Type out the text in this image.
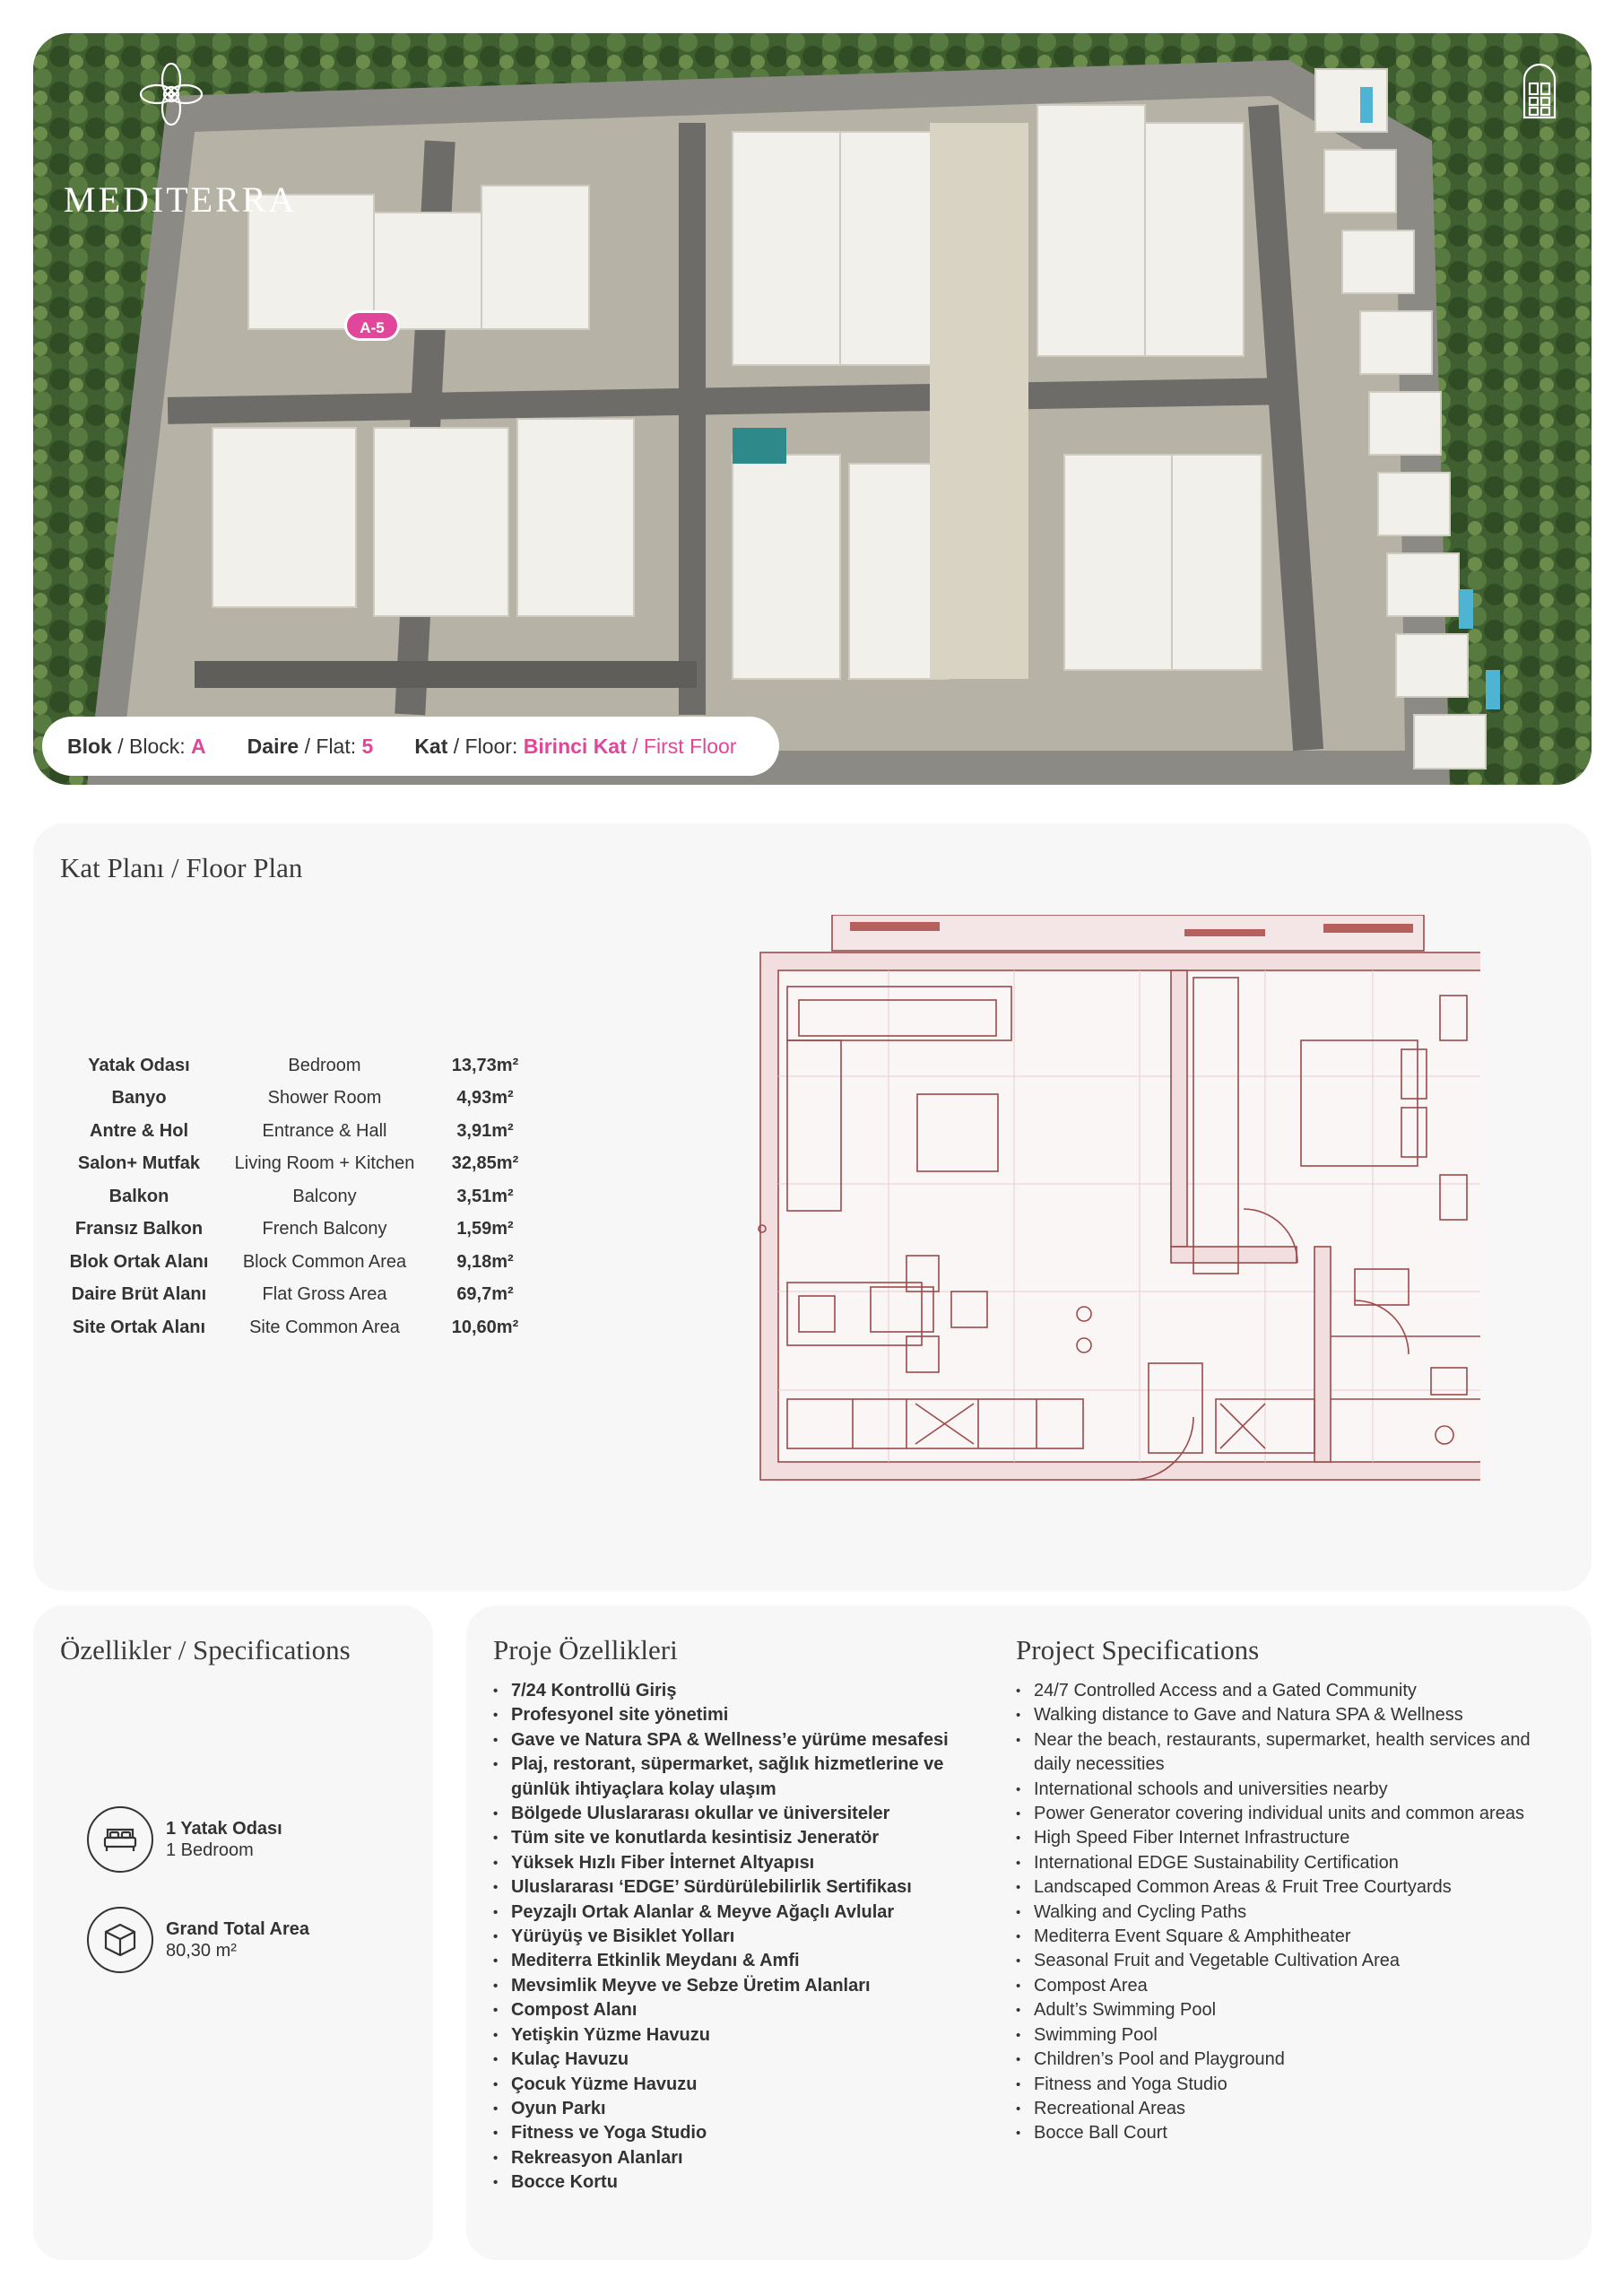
MEDITERRA
A-5
Blok / Block: A Daire / Flat: 5 Kat / Floor: Birinci Kat / First Floor
Kat Planı / Floor Plan
Yatak Odası	Bedroom	13,73m²
Banyo	Shower Room	4,93m²
Antre & Hol	Entrance & Hall	3,91m²
Salon+ Mutfak	Living Room + Kitchen	32,85m²
Balkon	Balcony	3,51m²
Fransız Balkon	French Balcony	1,59m²
Blok Ortak Alanı	Block Common Area	9,18m²
Daire Brüt Alanı	Flat Gross Area	69,7m²
Site Ortak Alanı	Site Common Area	10,60m²
Özellikler / Specifications
1 Yatak Odası
1 Bedroom
Grand Total Area
80,30 m²
Proje Özellikleri	Project Specifications
• 7/24 Kontrollü Giriş
• Profesyonel site yönetimi
• Gave ve Natura SPA & Wellness’e yürüme mesafesi
• Plaj, restorant, süpermarket, sağlık hizmetlerine ve günlük ihtiyaçlara kolay ulaşım
• Bölgede Uluslararası okullar ve üniversiteler
• Tüm site ve konutlarda kesintisiz Jeneratör
• Yüksek Hızlı Fiber İnternet Altyapısı
• Uluslararası ‘EDGE’ Sürdürülebilirlik Sertifikası
• Peyzajlı Ortak Alanlar & Meyve Ağaçlı Avlular
• Yürüyüş ve Bisiklet Yolları
• Mediterra Etkinlik Meydanı & Amfi
• Mevsimlik Meyve ve Sebze Üretim Alanları
• Compost Alanı
• Yetişkin Yüzme Havuzu
• Kulaç Havuzu
• Çocuk Yüzme Havuzu
• Oyun Parkı
• Fitness ve Yoga Studio
• Rekreasyon Alanları
• Bocce Kortu
• 24/7 Controlled Access and a Gated Community
• Walking distance to Gave and Natura SPA & Wellness
• Near the beach, restaurants, supermarket, health services and daily necessities
• International schools and universities nearby
• Power Generator covering individual units and common areas
• High Speed Fiber Internet Infrastructure
• International EDGE Sustainability Certification
• Landscaped Common Areas & Fruit Tree Courtyards
• Walking and Cycling Paths
• Mediterra Event Square & Amphitheater
• Seasonal Fruit and Vegetable Cultivation Area
• Compost Area
• Adult’s Swimming Pool
• Swimming Pool
• Children’s Pool and Playground
• Fitness and Yoga Studio
• Recreational Areas
• Bocce Ball Court
